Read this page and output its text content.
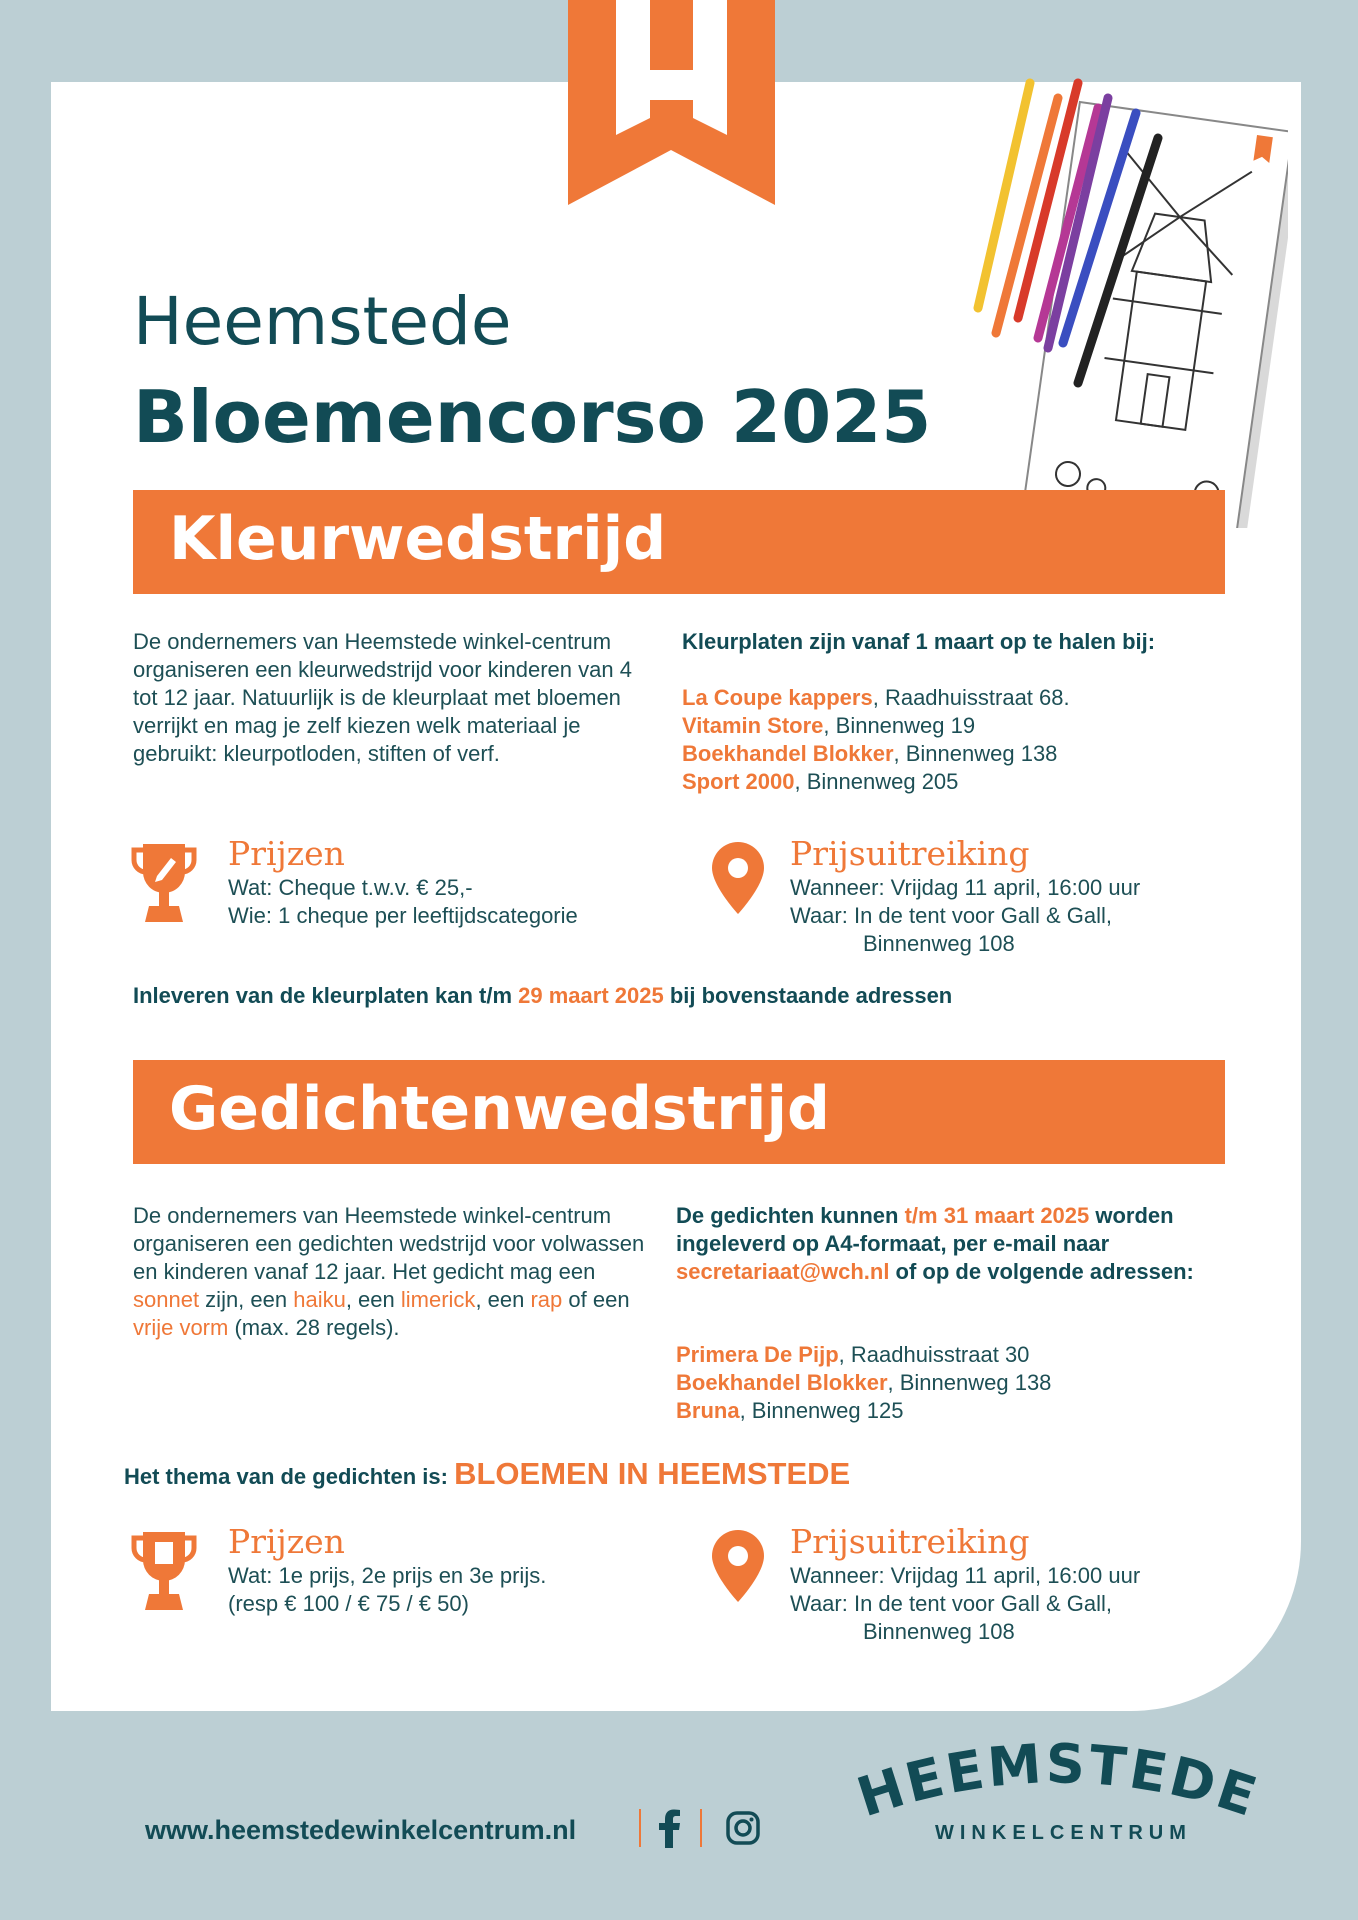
Heemstede
Bloemencorso 2025
Kleurwedstrijd
De ondernemers van Heemstede winkel-centrum organiseren een kleurwedstrijd voor kinderen van 4 tot 12 jaar. Natuurlijk is de kleurplaat met bloemen verrijkt en mag je zelf kiezen welk materiaal je gebruikt: kleurpotloden, stiften of verf.
Kleurplaten zijn vanaf 1 maart op te halen bij:
La Coupe kappers, Raadhuisstraat 68.
Vitamin Store, Binnenweg 19
Boekhandel Blokker, Binnenweg 138
Sport 2000, Binnenweg 205
Prijzen
Wat: Cheque t.w.v. € 25,-
Wie: 1 cheque per leeftijdscategorie
Prijsuitreiking
Wanneer: Vrijdag 11 april, 16:00 uur
Waar: In de tent voor Gall & Gall,
Binnenweg 108
Inleveren van de kleurplaten kan t/m 29 maart 2025 bij bovenstaande adressen
Gedichtenwedstrijd
De ondernemers van Heemstede winkel-centrum organiseren een gedichten wedstrijd voor volwassen en kinderen vanaf 12 jaar. Het gedicht mag een sonnet zijn, een haiku, een limerick, een rap of een vrije vorm (max. 28 regels).
De gedichten kunnen t/m 31 maart 2025 worden ingeleverd op A4-formaat, per e-mail naar secretariaat@wch.nl of op de volgende adressen:
Primera De Pijp, Raadhuisstraat 30
Boekhandel Blokker, Binnenweg 138
Bruna, Binnenweg 125
Het thema van de gedichten is: BLOEMEN IN HEEMSTEDE
Prijzen
Wat: 1e prijs, 2e prijs en 3e prijs.
(resp € 100 / € 75 / € 50)
Prijsuitreiking
Wanneer: Vrijdag 11 april, 16:00 uur
Waar: In de tent voor Gall & Gall,
Binnenweg 108
www.heemstedewinkelcentrum.nl
HEEMSTEDE
WINKELCENTRUM
